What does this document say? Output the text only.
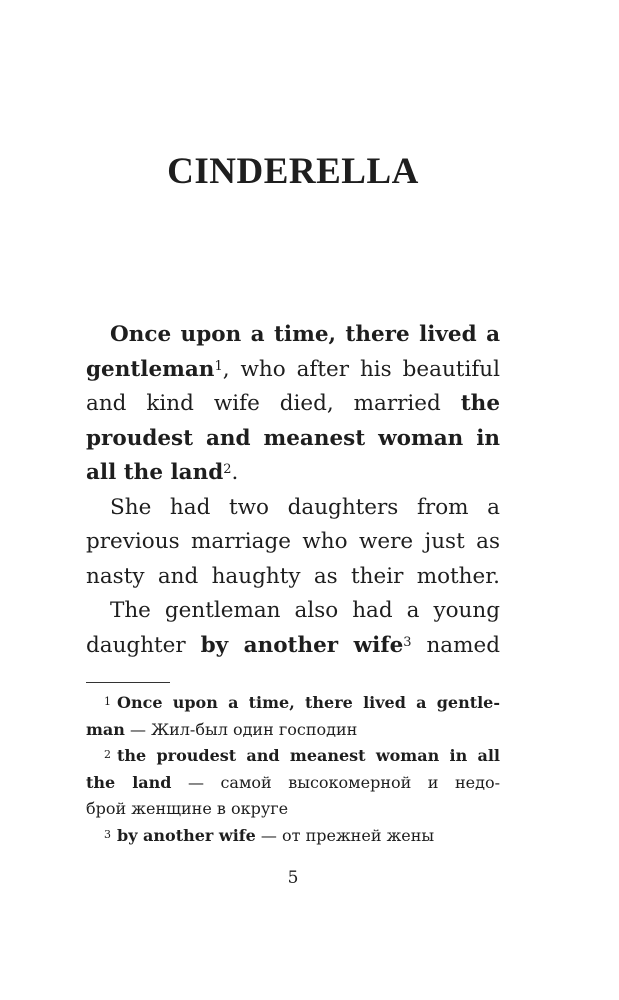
CINDERELLA
Once upon a time, there lived a
gentleman$^1$, who after his beautiful
and kind wife died, married the
proudest and meanest woman in
all the land$^2$.
She had two daughters from a
previous marriage who were just as
nasty and haughty as their mother.
The gentleman also had a young
daughter by another wife$^3$ named
$^1$ Once upon a time, there lived a gentle-
man — Жил-был один господин
$^2$ the proudest and meanest woman in all
the land — самой высокомерной и недо-
брой женщине в округе
$^3$ by another wife — от прежней жены
5
